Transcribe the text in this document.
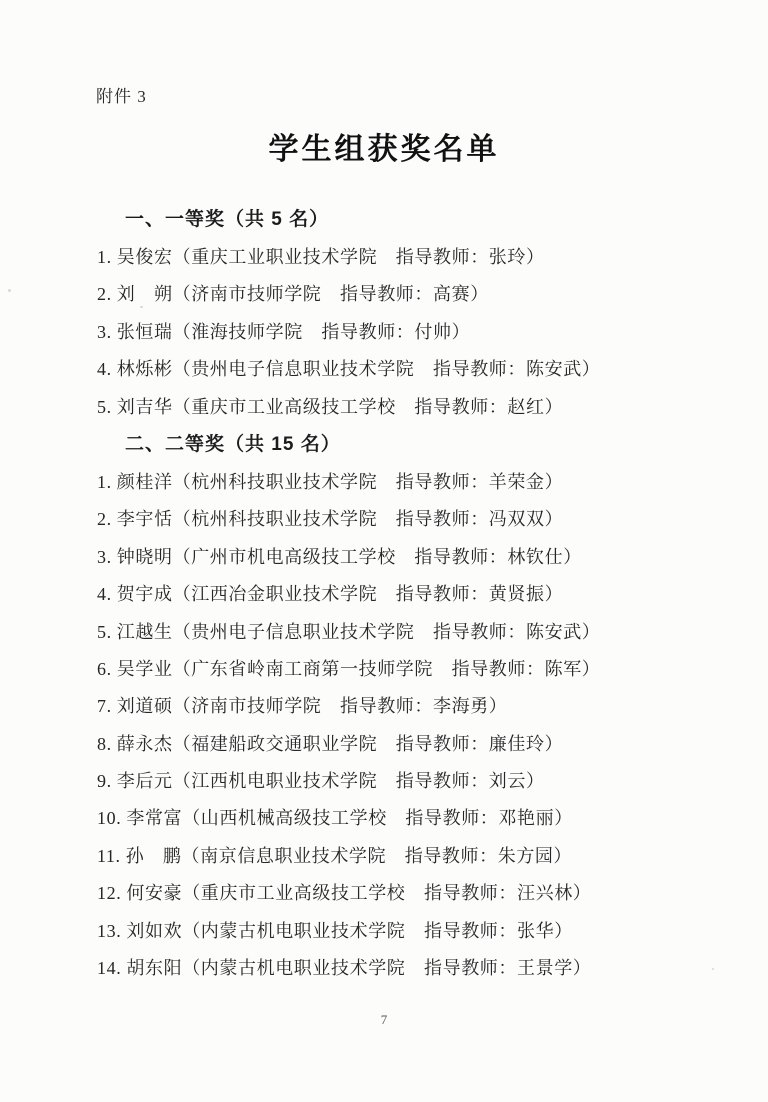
附件 3
学生组获奖名单

一、一等奖（共 5 名）

1. 吴俊宏（重庆工业职业技术学院　指导教师：张玲）

2. 刘　朔（济南市技师学院　指导教师：高赛）

3. 张恒瑞（淮海技师学院　指导教师：付帅）

4. 林烁彬（贵州电子信息职业技术学院　指导教师：陈安武）

5. 刘吉华（重庆市工业高级技工学校　指导教师：赵红）

二、二等奖（共 15 名）

1. 颜桂洋（杭州科技职业技术学院　指导教师：羊荣金）

2. 李宇恬（杭州科技职业技术学院　指导教师：冯双双）

3. 钟晓明（广州市机电高级技工学校　指导教师：林钦仕）

4. 贺宇成（江西冶金职业技术学院　指导教师：黄贤振）

5. 江越生（贵州电子信息职业技术学院　指导教师：陈安武）

6. 吴学业（广东省岭南工商第一技师学院　指导教师：陈军）

7. 刘道硕（济南市技师学院　指导教师：李海勇）

8. 薛永杰（福建船政交通职业学院　指导教师：廉佳玲）

9. 李后元（江西机电职业技术学院　指导教师：刘云）

10. 李常富（山西机械高级技工学校　指导教师：邓艳丽）

11. 孙　鹏（南京信息职业技术学院　指导教师：朱方园）

12. 何安豪（重庆市工业高级技工学校　指导教师：汪兴林）

13. 刘如欢（内蒙古机电职业技术学院　指导教师：张华）

14. 胡东阳（内蒙古机电职业技术学院　指导教师：王景学）

7
